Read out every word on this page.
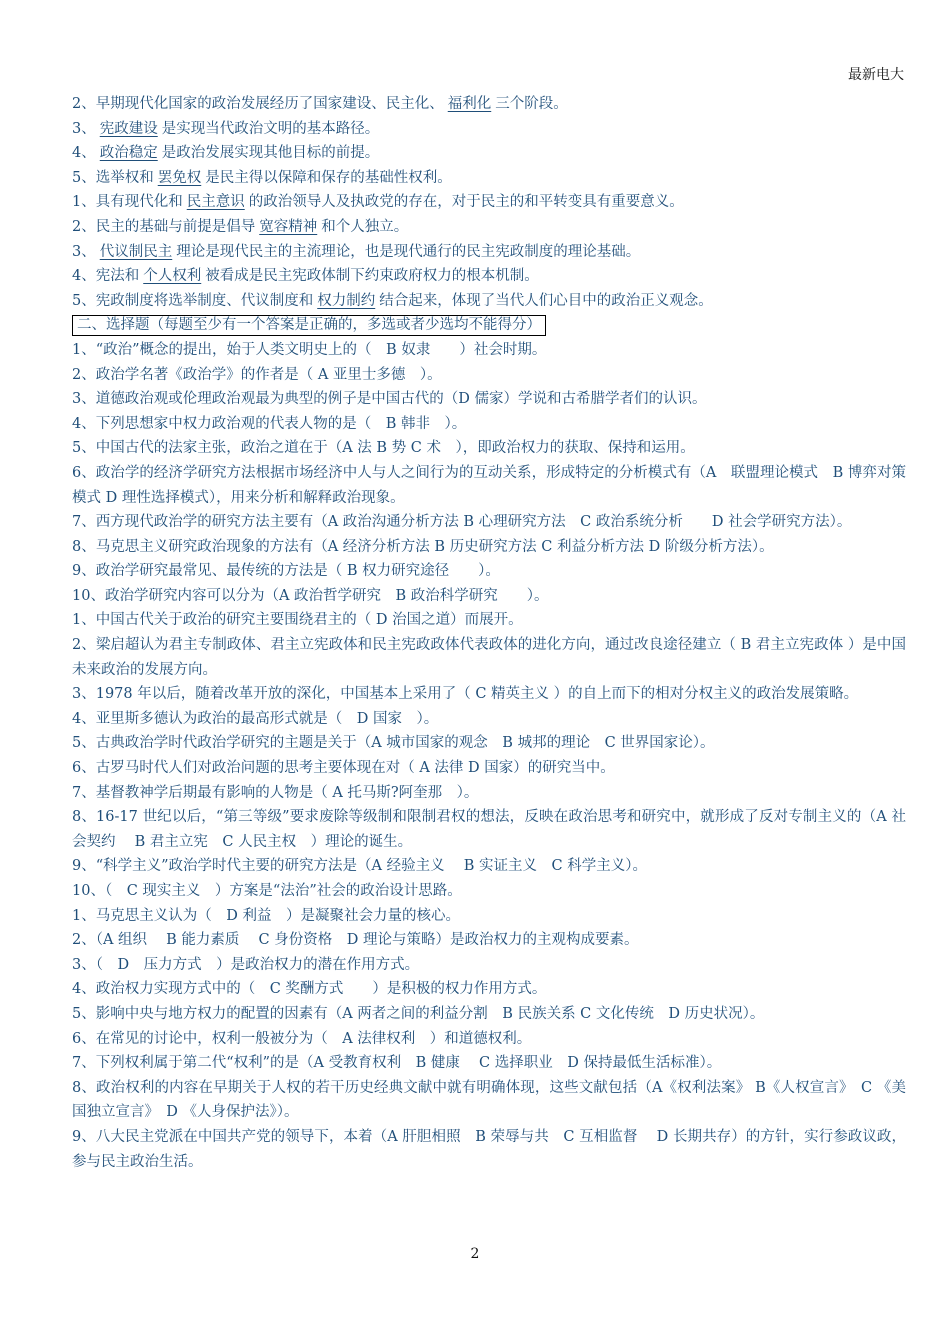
最新电大
2、早期现代化国家的政治发展经历了国家建设、民主化、 福利化 三个阶段。
3、 宪政建设 是实现当代政治文明的基本路径。
4、 政治稳定 是政治发展实现其他目标的前提。
5、选举权和 罢免权 是民主得以保障和保存的基础性权利。
1、具有现代化和 民主意识 的政治领导人及执政党的存在，对于民主的和平转变具有重要意义。
2、民主的基础与前提是倡导 宽容精神 和个人独立。
3、 代议制民主 理论是现代民主的主流理论，也是现代通行的民主宪政制度的理论基础。
4、宪法和 个人权利 被看成是民主宪政体制下约束政府权力的根本机制。
5、宪政制度将选举制度、代议制度和 权力制约 结合起来，体现了当代人们心目中的政治正义观念。
二、选择题（每题至少有一个答案是正确的，多选或者少选均不能得分）
1、“政治”概念的提出，始于人类文明史上的（　B 奴隶　　）社会时期。
2、政治学名著《政治学》的作者是（ A 亚里士多德　）。
3、道德政治观或伦理政治观最为典型的例子是中国古代的（D 儒家）学说和古希腊学者们的认识。
4、下列思想家中权力政治观的代表人物的是（　B 韩非　）。
5、中国古代的法家主张，政治之道在于（A 法 B 势 C 术　），即政治权力的获取、保持和运用。
6、政治学的经济学研究方法根据市场经济中人与人之间行为的互动关系，形成特定的分析模式有（A　联盟理论模式　B 博弈对策模式 D 理性选择模式），用来分析和解释政治现象。
7、西方现代政治学的研究方法主要有（A 政治沟通分析方法 B 心理研究方法　C 政治系统分析　　D 社会学研究方法）。
8、马克思主义研究政治现象的方法有（A 经济分析方法 B 历史研究方法 C 利益分析方法 D 阶级分析方法）。
9、政治学研究最常见、最传统的方法是（ B 权力研究途径　　）。
10、政治学研究内容可以分为（A 政治哲学研究　B 政治科学研究　　）。
1、中国古代关于政治的研究主要围绕君主的（ D 治国之道）而展开。
2、梁启超认为君主专制政体、君主立宪政体和民主宪政政体代表政体的进化方向，通过改良途径建立（ B 君主立宪政体 ）是中国未来政治的发展方向。
3、1978 年以后，随着改革开放的深化，中国基本上采用了（ C 精英主义 ）的自上而下的相对分权主义的政治发展策略。
4、亚里斯多德认为政治的最高形式就是（　D 国家　）。
5、古典政治学时代政治学研究的主题是关于（A 城市国家的观念　B 城邦的理论　C 世界国家论）。
6、古罗马时代人们对政治问题的思考主要体现在对（ A 法律 D 国家）的研究当中。
7、基督教神学后期最有影响的人物是（ A 托马斯?阿奎那　）。
8、16-17 世纪以后，“第三等级”要求废除等级制和限制君权的想法，反映在政治思考和研究中，就形成了反对专制主义的（A 社会契约　 B 君主立宪　C 人民主权　）理论的诞生。
9、“科学主义”政治学时代主要的研究方法是（A 经验主义　 B 实证主义　C 科学主义）。
10、（　C 现实主义　）方案是“法治”社会的政治设计思路。
1、马克思主义认为（　D 利益　）是凝聚社会力量的核心。
2、（A 组织　 B 能力素质　 C 身份资格　D 理论与策略）是政治权力的主观构成要素。
3、（　D　压力方式　）是政治权力的潜在作用方式。
4、政治权力实现方式中的（　C 奖酬方式　　）是积极的权力作用方式。
5、影响中央与地方权力的配置的因素有（A 两者之间的利益分割　B 民族关系 C 文化传统　D 历史状况）。
6、在常见的讨论中，权利一般被分为（　A 法律权利　）和道德权利。
7、下列权利属于第二代“权利”的是（A 受教育权利　B 健康　 C 选择职业　D 保持最低生活标准）。
8、政治权利的内容在早期关于人权的若干历史经典文献中就有明确体现，这些文献包括（A《权利法案》 B《人权宣言》　C 《美国独立宣言》　D 《人身保护法》）。
9、八大民主党派在中国共产党的领导下，本着（A 肝胆相照　B 荣辱与共　C 互相监督　 D 长期共存）的方针，实行参政议政，参与民主政治生活。
2
